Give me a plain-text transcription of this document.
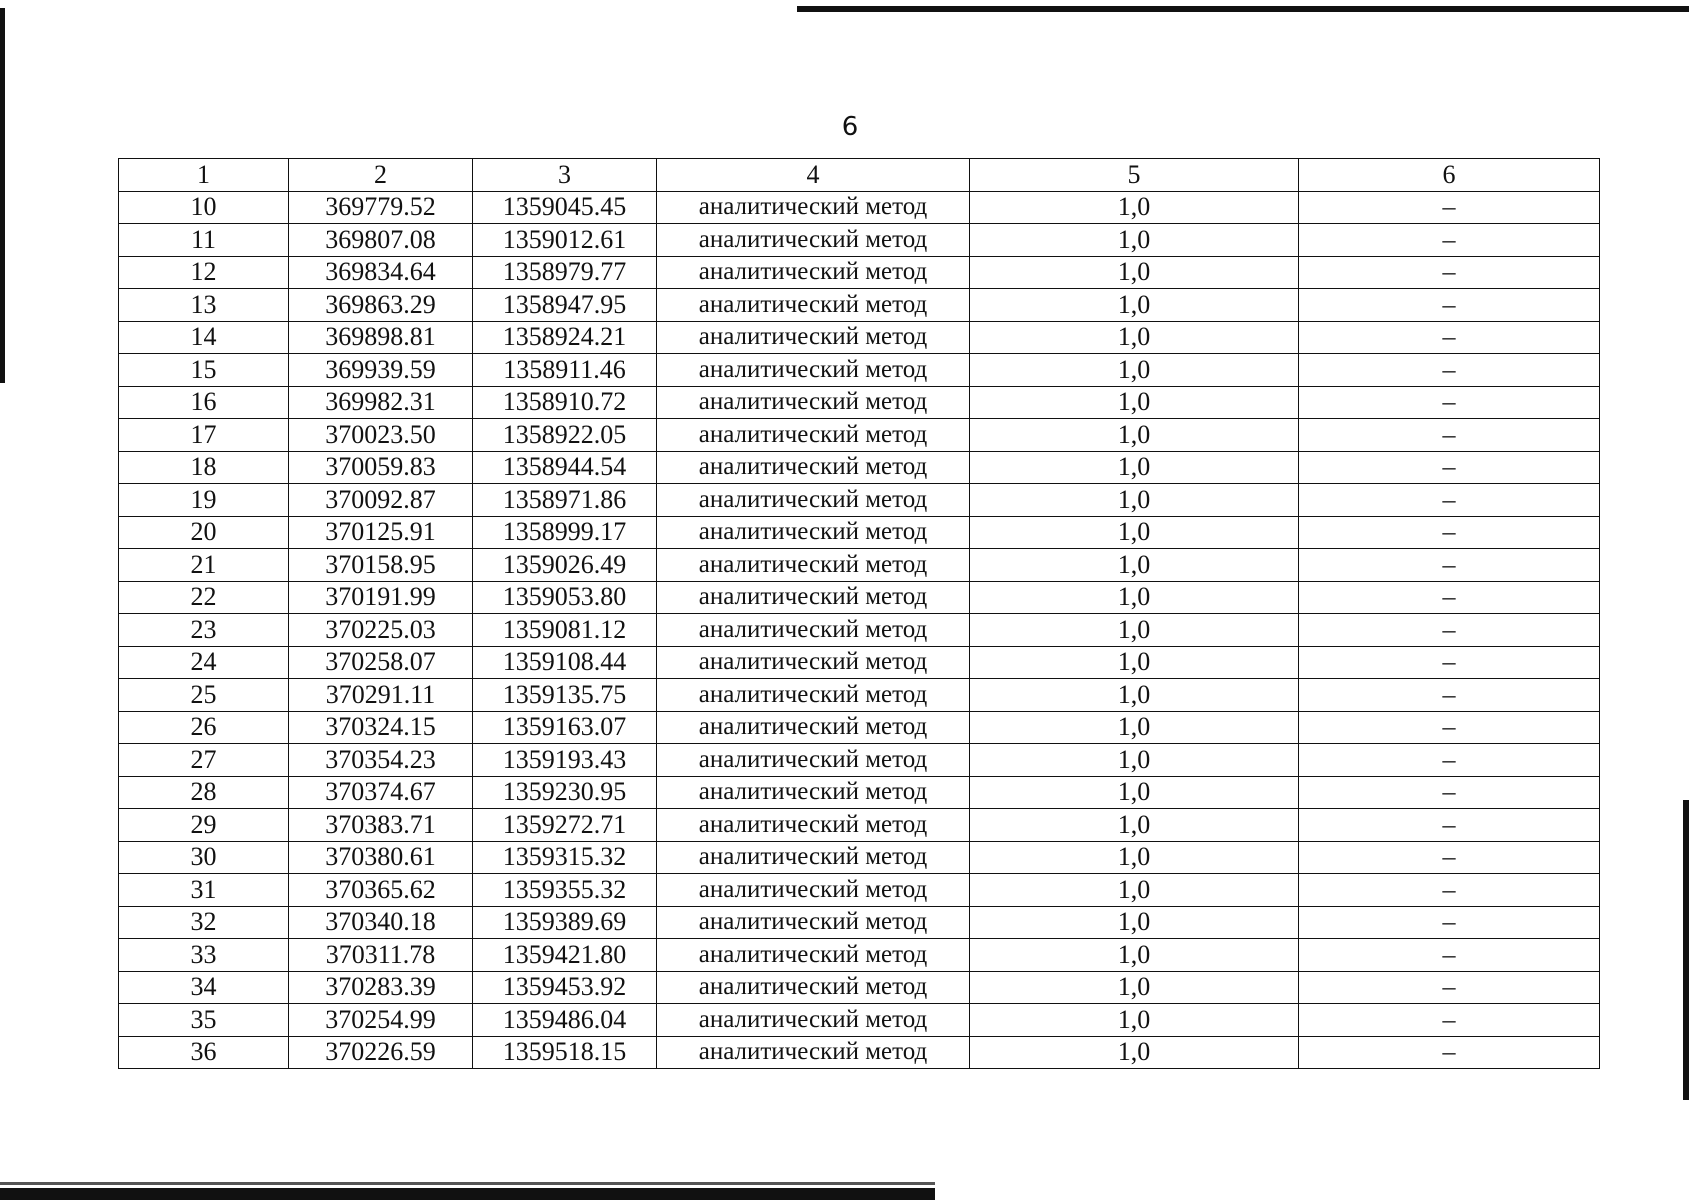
6
1	2	3	4	5	6
10	369779.52	1359045.45	аналитический метод	1,0	–
11	369807.08	1359012.61	аналитический метод	1,0	–
12	369834.64	1358979.77	аналитический метод	1,0	–
13	369863.29	1358947.95	аналитический метод	1,0	–
14	369898.81	1358924.21	аналитический метод	1,0	–
15	369939.59	1358911.46	аналитический метод	1,0	–
16	369982.31	1358910.72	аналитический метод	1,0	–
17	370023.50	1358922.05	аналитический метод	1,0	–
18	370059.83	1358944.54	аналитический метод	1,0	–
19	370092.87	1358971.86	аналитический метод	1,0	–
20	370125.91	1358999.17	аналитический метод	1,0	–
21	370158.95	1359026.49	аналитический метод	1,0	–
22	370191.99	1359053.80	аналитический метод	1,0	–
23	370225.03	1359081.12	аналитический метод	1,0	–
24	370258.07	1359108.44	аналитический метод	1,0	–
25	370291.11	1359135.75	аналитический метод	1,0	–
26	370324.15	1359163.07	аналитический метод	1,0	–
27	370354.23	1359193.43	аналитический метод	1,0	–
28	370374.67	1359230.95	аналитический метод	1,0	–
29	370383.71	1359272.71	аналитический метод	1,0	–
30	370380.61	1359315.32	аналитический метод	1,0	–
31	370365.62	1359355.32	аналитический метод	1,0	–
32	370340.18	1359389.69	аналитический метод	1,0	–
33	370311.78	1359421.80	аналитический метод	1,0	–
34	370283.39	1359453.92	аналитический метод	1,0	–
35	370254.99	1359486.04	аналитический метод	1,0	–
36	370226.59	1359518.15	аналитический метод	1,0	–
